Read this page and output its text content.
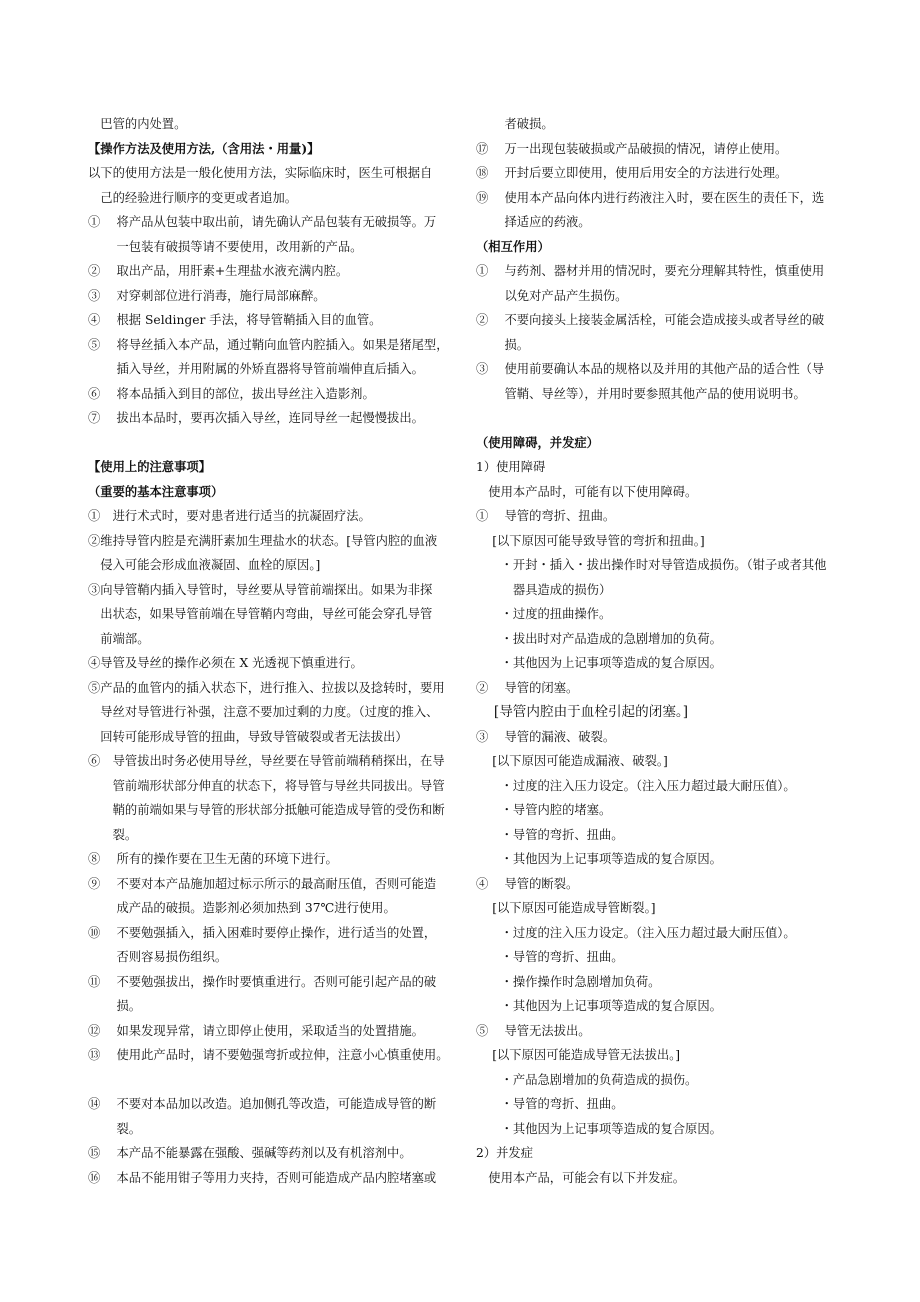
　巴管的内处置。
【操作方法及使用方法,（含用法・用量)】
以下的使用方法是一般化使用方法，实际临床时，医生可根据自
　己的经验进行顺序的变更或者追加。
①　 将产品从包装中取出前，请先确认产品包装有无破损等。万
　　 一包装有破损等请不要使用，改用新的产品。
②　 取出产品，用肝素+生理盐水液充满内腔。
③　 对穿刺部位进行消毒，施行局部麻醉。
④　 根据 Seldinger 手法，将导管鞘插入目的血管。
⑤　 将导丝插入本产品，通过鞘向血管内腔插入。如果是猪尾型，
　　 插入导丝，并用附属的外矫直器将导管前端伸直后插入。
⑥　 将本品插入到目的部位，拔出导丝注入造影剂。
⑦　 拔出本品时，要再次插入导丝，连同导丝一起慢慢拔出。
【使用上的注意事项】
（重要的基本注意事项）
①　进行术式时，要对患者进行适当的抗凝固疗法。
②维持导管内腔是充满肝素加生理盐水的状态。[导管内腔的血液
　侵入可能会形成血液凝固、血栓的原因。]
③向导管鞘内插入导管时，导丝要从导管前端探出。如果为非探
　出状态，如果导管前端在导管鞘内弯曲，导丝可能会穿孔导管
　前端部。
④导管及导丝的操作必须在 X 光透视下慎重进行。
⑤产品的血管内的插入状态下，进行推入、拉拔以及捻转时，要用
　导丝对导管进行补强，注意不要加过剩的力度。（过度的推入、
　回转可能形成导管的扭曲，导致导管破裂或者无法拔出）
⑥　导管拔出时务必使用导丝，导丝要在导管前端稍稍探出，在导
　　管前端形状部分伸直的状态下，将导管与导丝共同拔出。导管
　　鞘的前端如果与导管的形状部分抵触可能造成导管的受伤和断
　　裂。
⑧　 所有的操作要在卫生无菌的环境下进行。
⑨　 不要对本产品施加超过标示所示的最高耐压值，否则可能造
　　 成产品的破损。造影剂必须加热到 37℃进行使用。
⑩　 不要勉强插入，插入困难时要停止操作，进行适当的处置，
　　 否则容易损伤组织。
⑪　 不要勉强拔出，操作时要慎重进行。否则可能引起产品的破
　　 损。
⑫　 如果发现异常，请立即停止使用，采取适当的处置措施。
⑬　 使用此产品时，请不要勉强弯折或拉伸，注意小心慎重使用。
⑭　 不要对本品加以改造。追加侧孔等改造，可能造成导管的断
　　 裂。
⑮　 本产品不能暴露在强酸、强碱等药剂以及有机溶剂中。
⑯　 本品不能用钳子等用力夹持，否则可能造成产品内腔堵塞或
　　 者破损。
⑰　 万一出现包装破损或产品破损的情况，请停止使用。
⑱　 开封后要立即使用，使用后用安全的方法进行处理。
⑲　 使用本产品向体内进行药液注入时，要在医生的责任下，选
　　 择适应的药液。
（相互作用）
①　 与药剂、器材并用的情况时，要充分理解其特性，慎重使用
　　 以免对产品产生损伤。
②　 不要向接头上接装金属活栓，可能会造成接头或者导丝的破
　　 损。
③　 使用前要确认本品的规格以及并用的其他产品的适合性（导
　　 管鞘、导丝等），并用时要参照其他产品的使用说明书。
（使用障碍，并发症）
1）使用障碍
　使用本产品时，可能有以下使用障碍。
①　 导管的弯折、扭曲。
　 [以下原因可能导致导管的弯折和扭曲。]
　　・开封・插入・拔出操作时对导管造成损伤。（钳子或者其他
　　　器具造成的损伤）
　　・过度的扭曲操作。
　　・拔出时对产品造成的急剧增加的负荷。
　　・其他因为上记事项等造成的复合原因。
②　 导管的闭塞。
　 [导管内腔由于血栓引起的闭塞。]
③　 导管的漏液、破裂。
　 [以下原因可能造成漏液、破裂。]
　　・过度的注入压力设定。（注入压力超过最大耐压值）。
　　・导管内腔的堵塞。
　　・导管的弯折、扭曲。
　　・其他因为上记事项等造成的复合原因。
④　 导管的断裂。
　 [以下原因可能造成导管断裂。]
　　・过度的注入压力设定。（注入压力超过最大耐压值）。
　　・导管的弯折、扭曲。
　　・操作操作时急剧增加负荷。
　　・其他因为上记事项等造成的复合原因。
⑤　 导管无法拔出。
　 [以下原因可能造成导管无法拔出。]
　　・产品急剧增加的负荷造成的损伤。
　　・导管的弯折、扭曲。
　　・其他因为上记事项等造成的复合原因。
2）并发症
　使用本产品，可能会有以下并发症。
